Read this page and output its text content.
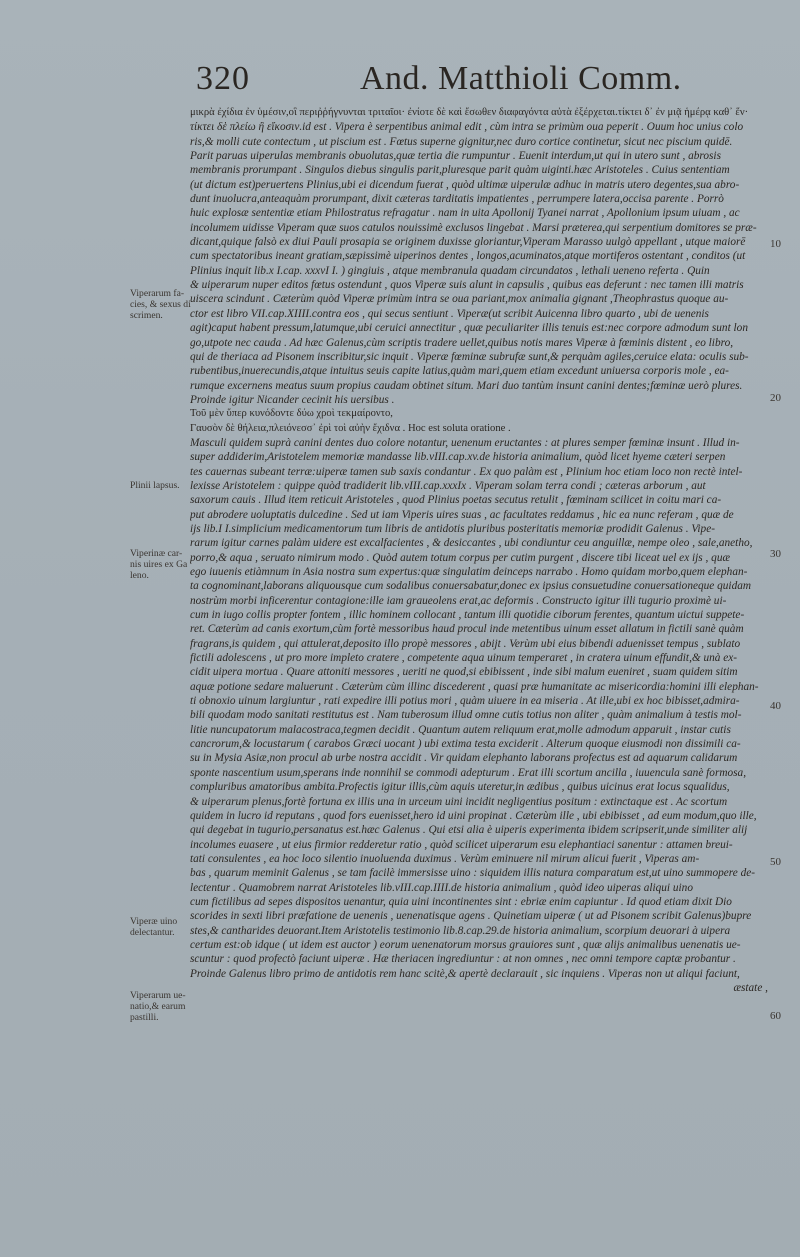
320	And. Matthioli Comm.
Viperarum fa-
cies, & sexus di
scrimen.
Plinii lapsus.
Viperinæ car-
nis uires ex Ga
leno.
Viperæ uino
delectantur.
Viperarum ue-
natio,& earum
pastilli.
10
20
30
40
50
60
μικρὰ ἐχίδια ἐν ὑμέσιν,οἳ περιῤῥήγνυνται τριταῖοι· ἐνίοτε δὲ καὶ ἔσωθεν διαφαγόντα αὐτὰ ἐξέρχεται.τίκτει δ᾽ ἐν μιᾷ ἡμέρᾳ καθ᾽ ἕν·
τίκτει δὲ πλείω ἢ εἴκοσιν.id est . Vipera è serpentibus animal edit , cùm intra se primùm oua peperit . Ouum hoc unius colo
ris,& molli cute contectum , ut piscium est . Fœtus superne gignitur,nec duro cortice continetur, sicut nec piscium quidē.
Parit paruas uiperulas membranis obuolutas,quæ tertia die rumpuntur . Euenit interdum,ut qui in utero sunt , abrosis
membranis prorumpant . Singulos diebus singulis parit,pluresque parit quàm uiginti.hæc Aristoteles . Cuius sententiam
(ut dictum est)peruertens Plinius,ubi ei dicendum fuerat , quòd ultimæ uiperulæ adhuc in matris utero degentes,sua abro-
dunt inuolucra,anteaquàm prorumpant, dixit cæteras tarditatis impatientes , perrumpere latera,occisa parente . Porrò
huic explosæ sententiæ etiam Philostratus refragatur . nam in uita Apollonij Tyanei narrat , Apollonium ipsum uiuam , ac
incolumem uidisse Viperam quæ suos catulos nouissimè exclusos lingebat . Marsi præterea,qui serpentium domitores se præ-
dicant,quique falsò ex diui Pauli prosapia se originem duxisse gloriantur,Viperam Marasso uulgò appellant , utque maiorē
cum spectatoribus ineant gratiam,sæpissimè uiperinos dentes , longos,acuminatos,atque mortiferos ostentant , conditos (ut
Plinius inquit lib.x I.cap. xxxvI I. ) gingiuis , atque membranula quadam circundatos , lethali ueneno referta . Quin
& uiperarum nuper editos fœtus ostendunt , quos Viperæ suis alunt in capsulis , quibus eas deferunt : nec tamen illi matris
uiscera scindunt . Cæterùm quòd Viperæ primùm intra se oua pariant,mox animalia gignant ,Theophrastus quoque au-
ctor est libro VII.cap.XIIII.contra eos , qui secus sentiunt . Viperæ(ut scribit Auicenna libro quarto , ubi de uenenis
agit)caput habent pressum,latumque,ubi ceruici annectitur , quæ peculiariter illis tenuis est:nec corpore admodum sunt lon
go,utpote nec cauda . Ad hæc Galenus,cùm scriptis tradere uellet,quibus notis mares Viperæ à fœminis distent , eo libro,
qui de theriaca ad Pisonem inscribitur,sic inquit . Viperæ fœminæ subrufæ sunt,& perquàm agiles,ceruice elata: oculis sub-
rubentibus,inuerecundis,atque intuitus seuis capite latius,quàm mari,quem etiam excedunt uniuersa corporis mole , ea-
rumque excernens meatus suum propius caudam obtinet situm. Mari duo tantùm insunt canini dentes;fœminæ uerò plures.
Proinde igitur Nicander cecinit his uersibus .
Τοῦ μὲν ὕπερ κυνόδοντε δύω χροὶ τεκμαίροντο,
Γαυσὸν δὲ θήλεια,πλειόνεσσ᾽ ἐρὶ τοὶ αὐὴν ἔχιδνα . Hoc est soluta oratione .
Masculi quidem suprà canini dentes duo colore notantur, uenenum eructantes : at plures semper fœminæ insunt . Illud in-
super addiderim,Aristotelem memoriæ mandasse lib.vIII.cap.xv.de historia animalium, quòd licet hyeme cæteri serpen
tes cauernas subeant terræ:uiperæ tamen sub saxis condantur . Ex quo palàm est , Plinium hoc etiam loco non rectè intel-
lexisse Aristotelem : quippe quòd tradiderit lib.vIII.cap.xxxIx . Viperam solam terra condi ; cæteras arborum , aut
saxorum cauis . Illud item reticuit Aristoteles , quod Plinius poetas secutus retulit , fœminam scilicet in coitu mari ca-
put abrodere uoluptatis dulcedine . Sed ut iam Viperis uires suas , ac facultates reddamus , hic ea nunc referam , quæ de
ijs lib.I I.simplicium medicamentorum tum libris de antidotis pluribus posteritatis memoriæ prodidit Galenus . Vipe-
rarum igitur carnes palàm uidere est excalfacientes , & desiccantes , ubi condiuntur ceu anguillæ, nempe oleo , sale,anetho,
porro,& aqua , seruato nimirum modo . Quòd autem totum corpus per cutim purgent , discere tibi liceat uel ex ijs , quæ
ego iuuenis etiàmnum in Asia nostra sum expertus:quæ singulatim deinceps narrabo . Homo quidam morbo,quem elephan-
ta cognominant,laborans aliquousque cum sodalibus conuersabatur,donec ex ipsius consuetudine conuersationeque quidam
nostrùm morbi inficerentur contagione:ille iam graueolens erat,ac deformis . Constructo igitur illi tugurio proximè ui-
cum in iugo collis propter fontem , illic hominem collocant , tantum illi quotidie ciborum ferentes, quantum uictui suppete-
ret. Cæterùm ad canis exortum,cùm fortè messoribus haud procul inde metentibus uinum esset allatum in fictili sanè quàm
fragrans,is quidem , qui attulerat,deposito illo propè messores , abijt . Verùm ubi eius bibendi aduenisset tempus , sublato
fictili adolescens , ut pro more impleto cratere , competente aqua uinum temperaret , in cratera uinum effundit,& unà ex-
cidit uipera mortua . Quare attoniti messores , ueriti ne quod,si ebibissent , inde sibi malum eueniret , suam quidem sitim
aquæ potione sedare maluerunt . Cæterùm cùm illinc discederent , quasi præ humanitate ac misericordia:homini illi elephan-
ti obnoxio uinum largiuntur , rati expedire illi potius mori , quàm uiuere in ea miseria . At ille,ubi ex hoc bibisset,admira-
bili quodam modo sanitati restitutus est . Nam tuberosum illud omne cutis totius non aliter , quàm animalium à testis mol-
litie nuncupatorum malacostraca,tegmen decidit . Quantum autem reliquum erat,molle admodum apparuit , instar cutis
cancrorum,& locustarum ( carabos Græci uocant ) ubi extima testa exciderit . Alterum quoque eiusmodi non dissimili ca-
su in Mysia Asiæ,non procul ab urbe nostra accidit . Vir quidam elephanto laborans profectus est ad aquarum calidarum
sponte nascentium usum,sperans inde nonnihil se commodi adepturum . Erat illi scortum ancilla , iuuencula sanè formosa,
compluribus amatoribus ambita.Profectis igitur illis,cùm aquis uteretur,in ædibus , quibus uicinus erat locus squalidus,
& uiperarum plenus,fortè fortuna ex illis una in urceum uini incidit negligentius positum : extinctaque est . Ac scortum
quidem in lucro id reputans , quod fors euenisset,hero id uini propinat . Cæterùm ille , ubi ebibisset , ad eum modum,quo ille,
qui degebat in tugurio,persanatus est.hæc Galenus . Qui etsi alia è uiperis experimenta ibidem scripserit,unde similiter alij
incolumes euasere , ut eius firmior redderetur ratio , quòd scilicet uiperarum esu elephantiaci sanentur : attamen breui-
tati consulentes , ea hoc loco silentio inuoluenda duximus . Verùm eminuere nil mirum alicui fuerit , Viperas am-
bas , quarum meminit Galenus , se tam facilè immersisse uino : siquidem illis natura comparatum est,ut uino summopere de-
lectentur . Quamobrem narrat Aristoteles lib.vIII.cap.IIII.de historia animalium , quòd ideo uiperas aliqui uino
cum fictilibus ad sepes dispositos uenantur, quia uini incontinentes sint : ebriæ enim capiuntur . Id quod etiam dixit Dio
scorides in sexti libri præfatione de uenenis , uenenatisque agens . Quinetiam uiperæ ( ut ad Pisonem scribit Galenus)bupre
stes,& cantharides deuorant.Item Aristotelis testimonio lib.8.cap.29.de historia animalium, scorpium deuorari à uipera
certum est:ob idque ( ut idem est auctor ) eorum uenenatorum morsus grauiores sunt , quæ alijs animalibus uenenatis ue-
scuntur : quod profectò faciunt uiperæ . Hæ theriacen ingrediuntur : at non omnes , nec omni tempore captæ probantur .
Proinde Galenus libro primo de antidotis rem hanc scitè,& apertè declarauit , sic inquiens . Viperas non ut aliqui faciunt,
æstate ,
